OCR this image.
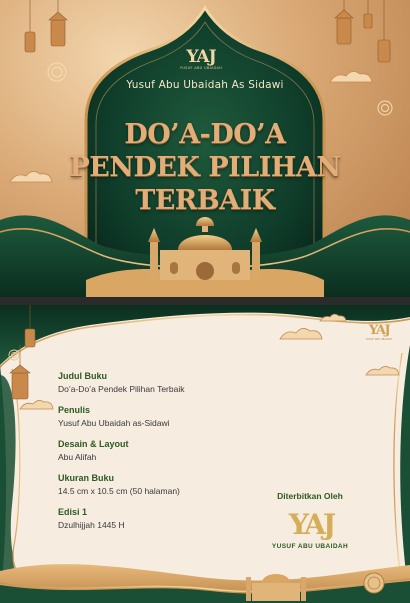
YAJ
YUSUF ABU UBAIDAH
Yusuf Abu Ubaidah As Sidawi
DO’A-DO’A
PENDEK PILIHAN
TERBAIK
YAJ
YUSUF ABU UBAIDAH
Judul Buku
Do’a-Do’a Pendek Pilihan Terbaik
Penulis
Yusuf Abu Ubaidah as-Sidawi
Desain & Layout
Abu Alifah
Ukuran Buku
14.5 cm x 10.5 cm (50 halaman)
Edisi 1
Dzulhijjah 1445 H
Diterbitkan Oleh
YAJ
YUSUF ABU UBAIDAH
